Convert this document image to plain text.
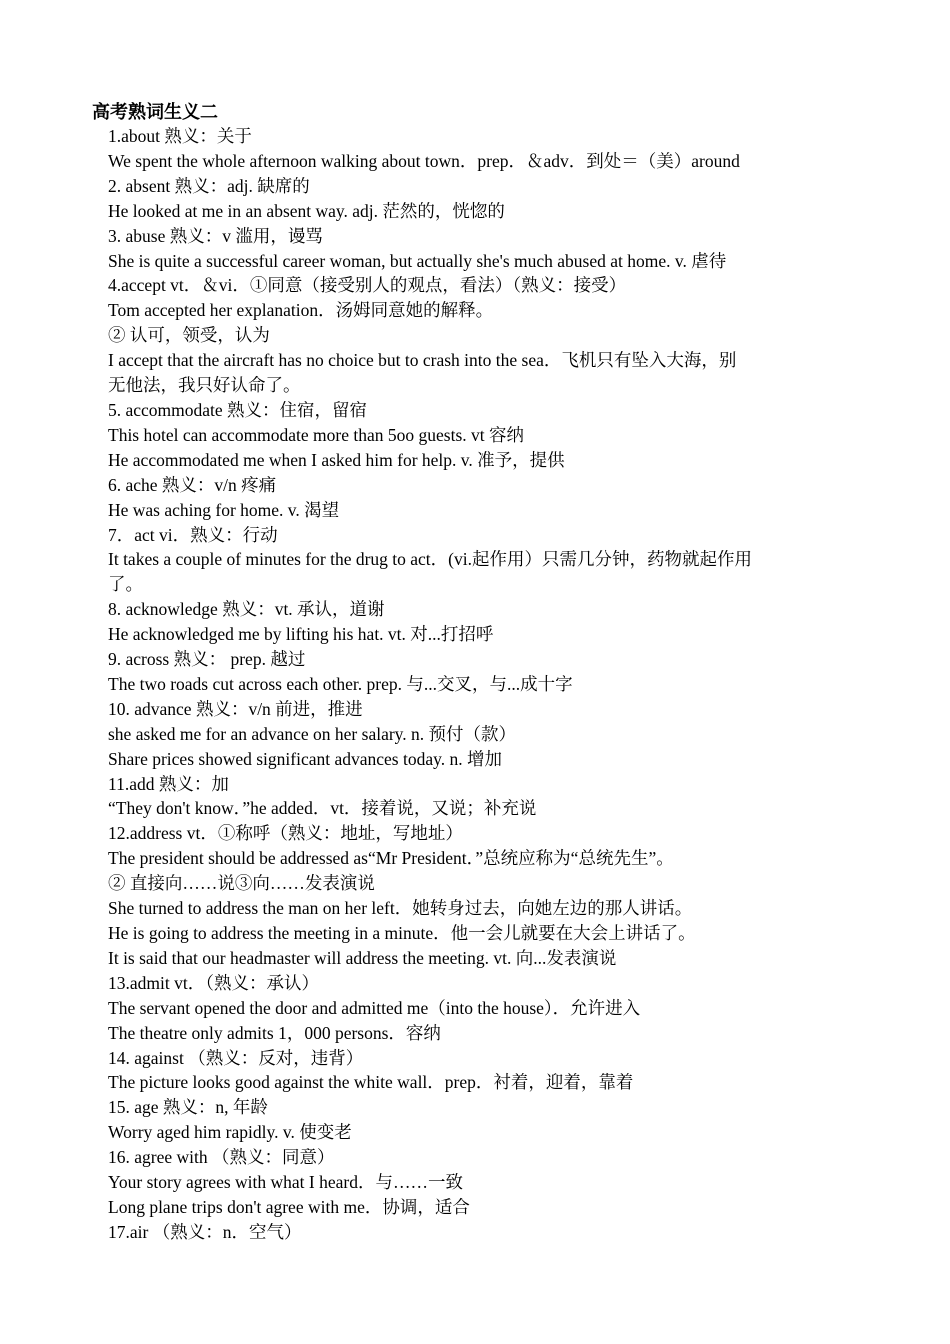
高考熟词生义二
1.about 熟义：关于
We spent the whole afternoon walking about town．prep．＆adv．到处＝（美）around
2. absent 熟义：adj. 缺席的
He looked at me in an absent way. adj. 茫然的，恍惚的
3. abuse 熟义：v 滥用，谩骂
She is quite a successful career woman, but actually she's much abused at home. v. 虐待
4.accept vt．＆vi．①同意（接受别人的观点，看法）（熟义：接受）
Tom accepted her explanation．汤姆同意她的解释。
② 认可，领受，认为
I accept that the aircraft has no choice but to crash into the sea．飞机只有坠入大海，别
无他法，我只好认命了。
5. accommodate 熟义：住宿，留宿
This hotel can accommodate more than 5oo guests. vt 容纳
He accommodated me when I asked him for help. v. 准予，提供
6. ache 熟义：v/n 疼痛
He was aching for home. v. 渴望
7．act vi．熟义：行动
It takes a couple of minutes for the drug to act．(vi.起作用）只需几分钟，药物就起作用
了。
8. acknowledge 熟义：vt. 承认，道谢
He acknowledged me by lifting his hat. vt. 对...打招呼
9. across 熟义： prep. 越过
The two roads cut across each other. prep. 与...交叉，与...成十字
10. advance 熟义：v/n 前进，推进
she asked me for an advance on her salary. n. 预付（款）
Share prices showed significant advances today. n. 增加
11.add 熟义：加
“They don't know．”he added．vt．接着说，又说；补充说
12.address vt．①称呼（熟义：地址，写地址）
The president should be addressed as“Mr President．”总统应称为“总统先生”。
② 直接向……说③向……发表演说
She turned to address the man on her left．她转身过去，向她左边的那人讲话。
He is going to address the meeting in a minute．他一会儿就要在大会上讲话了。
It is said that our headmaster will address the meeting. vt. 向...发表演说
13.admit vt．（熟义：承认）
The servant opened the door and admitted me（into the house）．允许进入
The theatre only admits 1，000 persons．容纳
14. against （熟义：反对，违背）
The picture looks good against the white wall．prep．衬着，迎着，靠着
15. age 熟义：n, 年龄
Worry aged him rapidly. v. 使变老
16. agree with （熟义：同意）
Your story agrees with what I heard．与……一致
Long plane trips don't agree with me．协调，适合
17.air （熟义：n．空气）
